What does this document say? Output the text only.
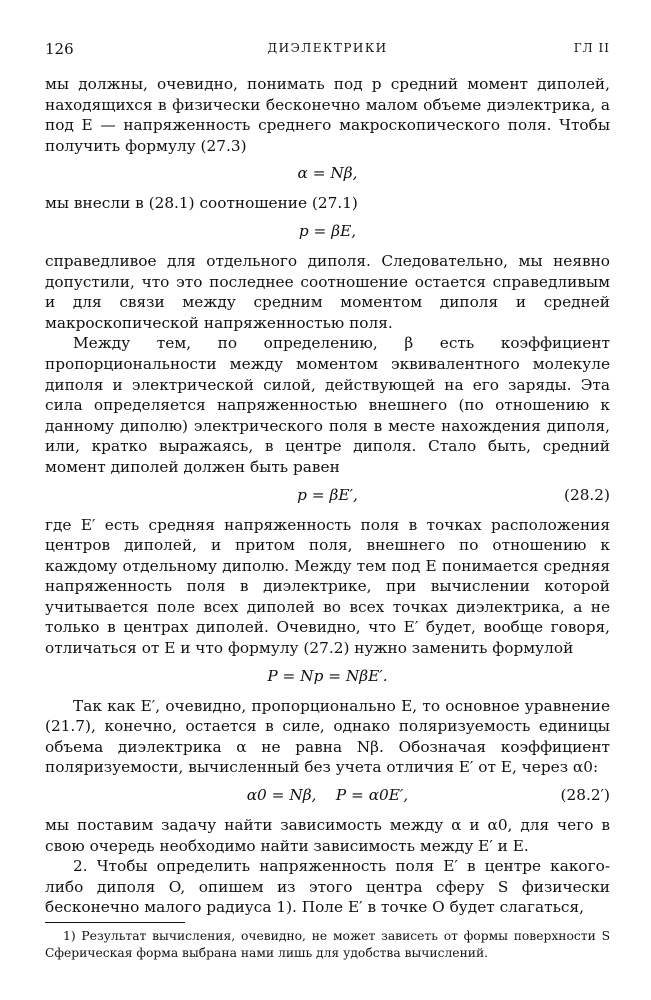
126	ДИЭЛЕКТРИКИ	ГЛ II

мы должны, очевидно, понимать под p средний момент диполей, находящихся в физически бесконечно малом объеме диэлектрика, а под E — напряженность среднего макроскопического поля. Чтобы получить формулу (27.3)

α = Nβ,

мы внесли в (28.1) соотношение (27.1)

p = βE,

справедливое для отдельного диполя. Следовательно, мы неявно допустили, что это последнее соотношение остается справедливым и для связи между средним моментом диполя и средней макроскопической напряженностью поля.

Между тем, по определению, β есть коэффициент пропорциональности между моментом эквивалентного молекуле диполя и электрической силой, действующей на его заряды. Эта сила определяется напряженностью внешнего (по отношению к данному диполю) электрического поля в месте нахождения диполя, или, кратко выражаясь, в центре диполя. Стало быть, средний момент диполей должен быть равен

p = βE′,	(28.2)

где E′ есть средняя напряженность поля в точках расположения центров диполей, и притом поля, внешнего по отношению к каждому отдельному диполю. Между тем под E понимается средняя напряженность поля в диэлектрике, при вычислении которой учитывается поле всех диполей во всех точках диэлектрика, а не только в центрах диполей. Очевидно, что E′ будет, вообще говоря, отличаться от E и что формулу (27.2) нужно заменить формулой

P = Np = NβE′.

Так как E′, очевидно, пропорционально E, то основное уравнение (21.7), конечно, остается в силе, однако поляризуемость единицы объема диэлектрика α не равна Nβ. Обозначая коэффициент поляризуемости, вычисленный без учета отличия E′ от E, через α0:

α0 = Nβ,    P = α0E′,	(28.2′)

мы поставим задачу найти зависимость между α и α0, для чего в свою очередь необходимо найти зависимость между E′ и E.

2. Чтобы определить напряженность поля E′ в центре какого-либо диполя O, опишем из этого центра сферу S физически бесконечно малого радиуса 1). Поле E′ в точке O будет слагаться,

1) Результат вычисления, очевидно, не может зависеть от формы поверхности S Сферическая форма выбрана нами лишь для удобства вычислений.
